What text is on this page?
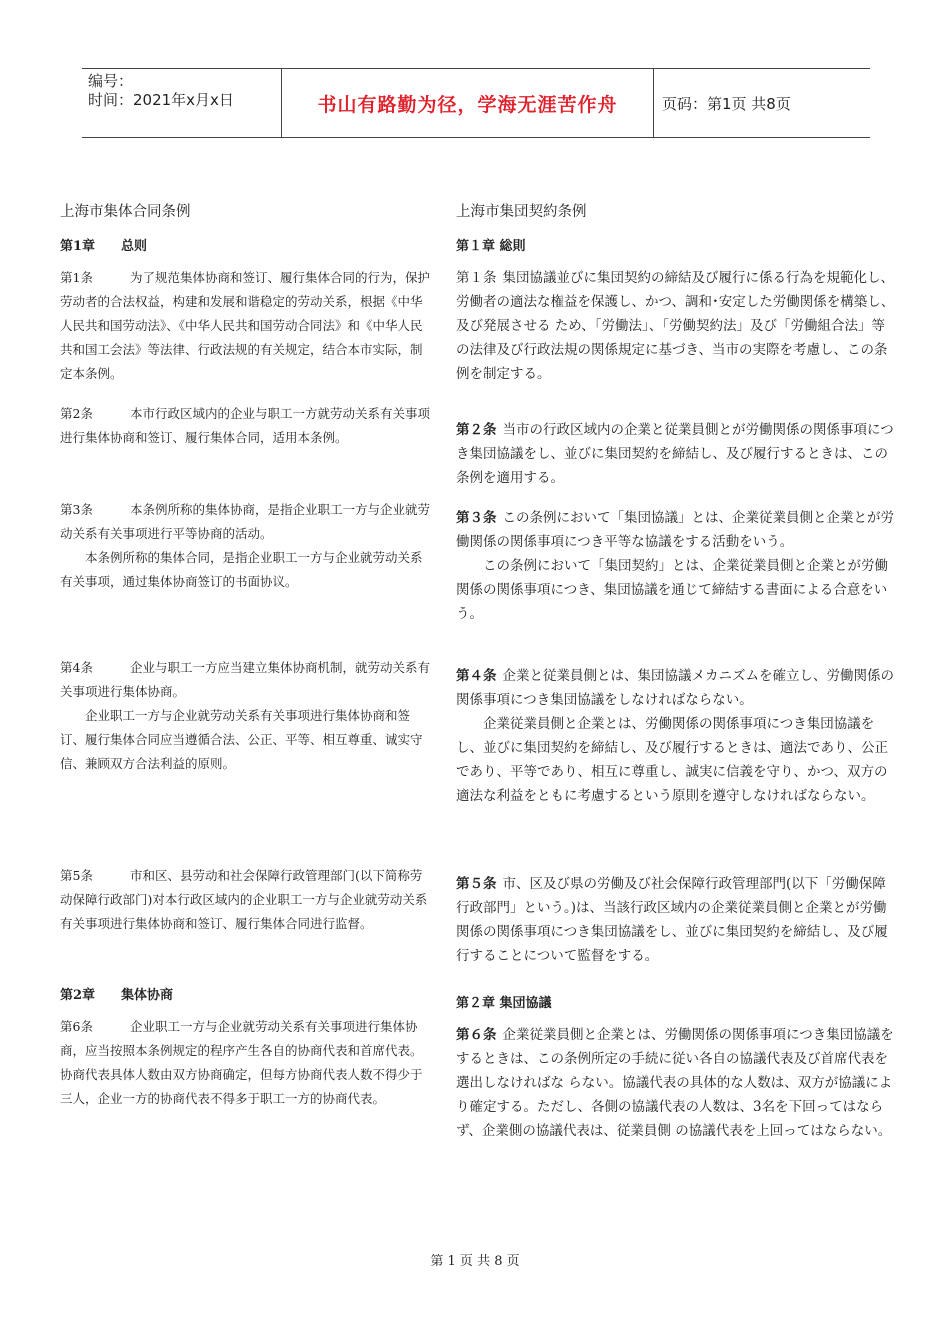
编号：
时间：2021年x月x日	书山有路勤为径，学海无涯苦作舟	页码：第1页 共8页
上海市集体合同条例
第1章　　总则

第1条	为了规范集体协商和签订、履行集体合同的行为，保护劳动者的合法权益，构建和发展和谐稳定的劳动关系，根据《中华人民共和国劳动法》、《中华人民共和国劳动合同法》和《中华人民共和国工会法》等法律、行政法规的有关规定，结合本市实际，制定本条例。

第2条	本市行政区域内的企业与职工一方就劳动关系有关事项进行集体协商和签订、履行集体合同，适用本条例。

第3条	本条例所称的集体协商，是指企业职工一方与企业就劳动关系有关事项进行平等协商的活动。

本条例所称的集体合同，是指企业职工一方与企业就劳动关系有关事项，通过集体协商签订的书面协议。

第4条	企业与职工一方应当建立集体协商机制，就劳动关系有关事项进行集体协商。

企业职工一方与企业就劳动关系有关事项进行集体协商和签订、履行集体合同应当遵循合法、公正、平等、相互尊重、诚实守信、兼顾双方合法利益的原则。

第5条	市和区、县劳动和社会保障行政管理部门(以下简称劳动保障行政部门)对本行政区域内的企业职工一方与企业就劳动关系有关事项进行集体协商和签订、履行集体合同进行监督。

第2章　　集体协商

第6条	企业职工一方与企业就劳动关系有关事项进行集体协商，应当按照本条例规定的程序产生各自的协商代表和首席代表。协商代表具体人数由双方协商确定，但每方协商代表人数不得少于三人，企业一方的协商代表不得多于职工一方的协商代表。

上海市集団契約条例
第１章 総則

第１条 集団協議並びに集団契約の締結及び履行に係る行為を規範化し、労働者の適法な権益を保護し、かつ、調和･安定した労働関係を構築し、及び発展させる ため、「労働法」、「労働契約法」及び「労働組合法」等の法律及び行政法規の関係規定に基づき、当市の実際を考慮し、この条例を制定する。

第２条 当市の行政区域内の企業と従業員側とが労働関係の関係事項につき集団協議をし、並びに集団契約を締結し、及び履行するときは、この条例を適用する。

第３条 この条例において「集団協議」とは、企業従業員側と企業とが労働関係の関係事項につき平等な協議をする活動をいう。

この条例において「集団契約」とは、企業従業員側と企業とが労働関係の関係事項につき、集団協議を通じて締結する書面による合意をいう。

第４条 企業と従業員側とは、集団協議メカニズムを確立し、労働関係の関係事項につき集団協議をしなければならない。

企業従業員側と企業とは、労働関係の関係事項につき集団協議をし、並びに集団契約を締結し、及び履行するときは、適法であり、公正であり、平等であり、相互に尊重し、誠実に信義を守り、かつ、双方の適法な利益をともに考慮するという原則を遵守しなければならない。

第５条 市、区及び県の労働及び社会保障行政管理部門(以下「労働保障行政部門」という。)は、当該行政区域内の企業従業員側と企業とが労働関係の関係事項につき集団協議をし、並びに集団契約を締結し、及び履行することについて監督をする。

第２章 集団協議

第６条 企業従業員側と企業とは、労働関係の関係事項につき集団協議をするときは、この条例所定の手続に従い各自の協議代表及び首席代表を選出しなければな らない。協議代表の具体的な人数は、双方が協議により確定する。ただし、各側の協議代表の人数は、3名を下回ってはならず、企業側の協議代表は、従業員側 の協議代表を上回ってはならない。

第 1 页 共 8 页
